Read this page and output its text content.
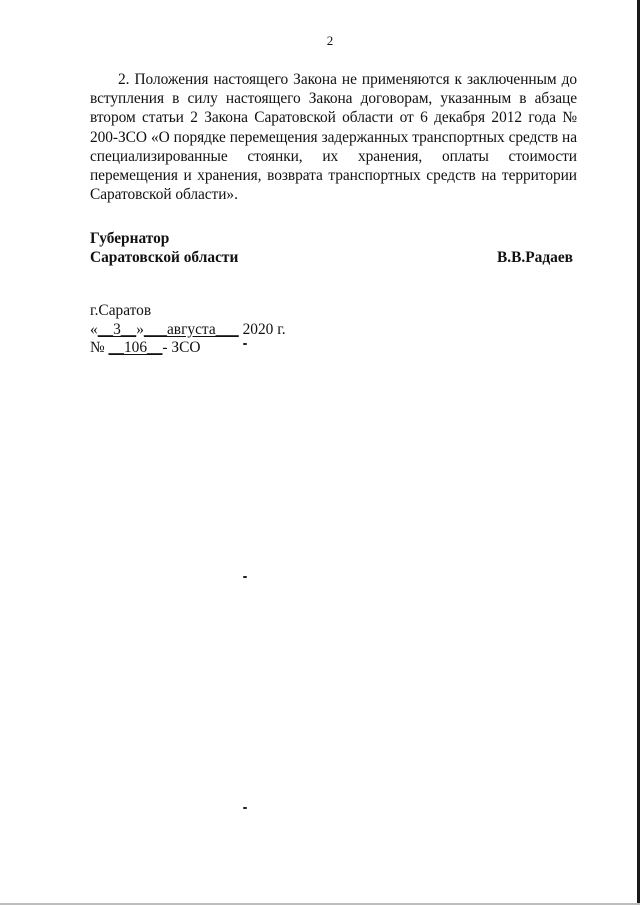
2

2. Положения настоящего Закона не применяются к заключенным до вступления в силу настоящего Закона договорам, указанным в абзаце втором статьи 2 Закона Саратовской области от 6 декабря 2012 года № 200-ЗСО «О порядке перемещения задержанных транспортных средств на специализированные стоянки, их хранения, оплаты стоимости перемещения и хранения, возврата транспортных средств на территории Саратовской области».

Губернатор
Саратовской области	В.В.Радаев
г.Саратов
«__3__»___августа___ 2020 г.
№ __106__- ЗСО
